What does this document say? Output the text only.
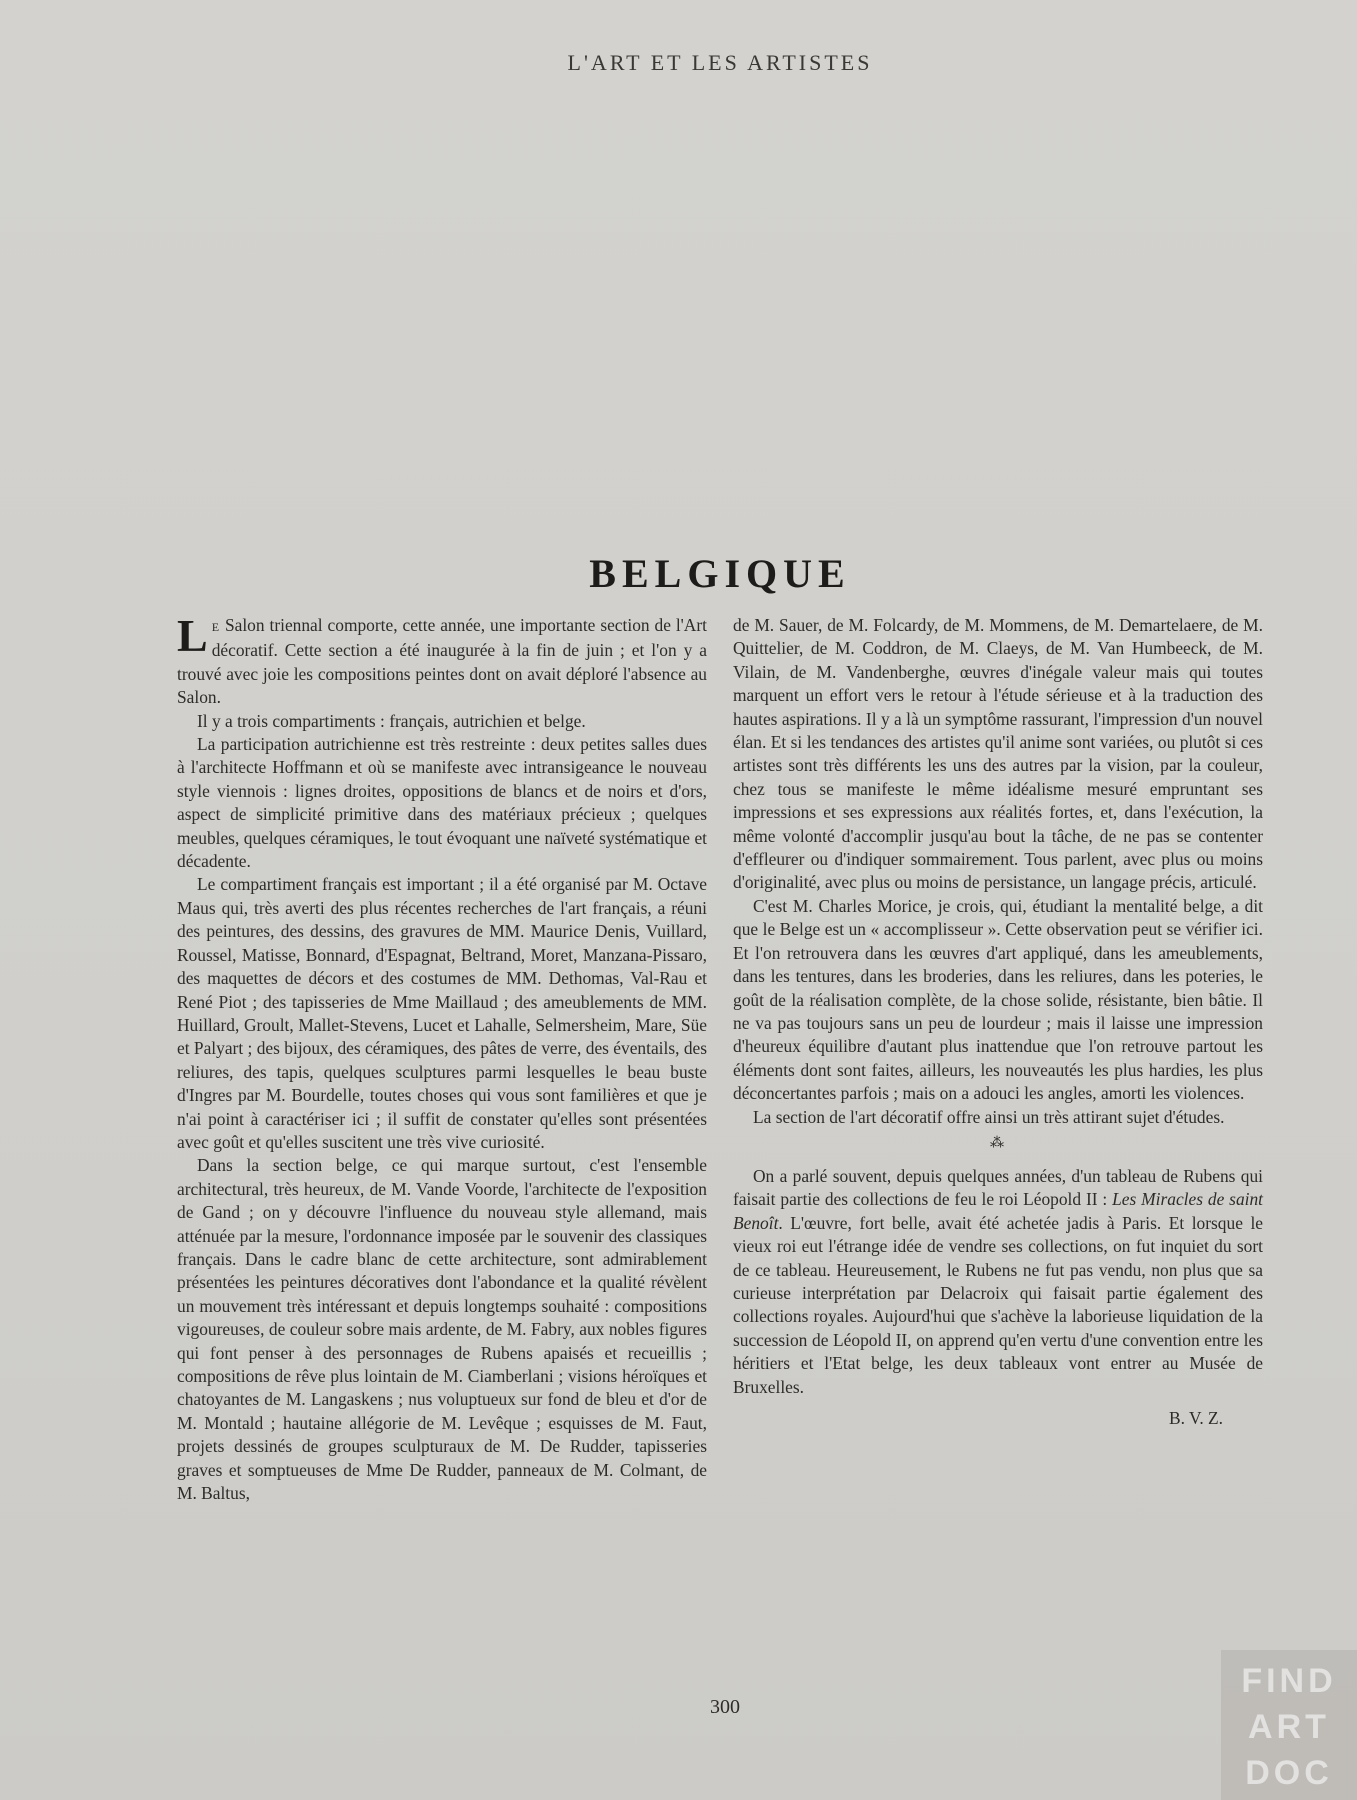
L'ART ET LES ARTISTES
BELGIQUE

L E Salon triennal comporte, cette année, une importante section de l'Art décoratif. Cette section a été inaugurée à la fin de juin ; et l'on y a trouvé avec joie les compositions peintes dont on avait déploré l'absence au Salon.

Il y a trois compartiments : français, autrichien et belge.

La participation autrichienne est très restreinte : deux petites salles dues à l'architecte Hoffmann et où se manifeste avec intransigeance le nouveau style viennois : lignes droites, oppositions de blancs et de noirs et d'ors, aspect de simplicité primitive dans des matériaux précieux ; quelques meubles, quelques céramiques, le tout évoquant une naïveté systématique et décadente.

Le compartiment français est important ; il a été organisé par M. Octave Maus qui, très averti des plus récentes recherches de l'art français, a réuni des peintures, des dessins, des gravures de MM. Maurice Denis, Vuillard, Roussel, Matisse, Bonnard, d'Espagnat, Beltrand, Moret, Manzana-Pissaro, des maquettes de décors et des costumes de MM. Dethomas, Val-Rau et René Piot ; des tapisseries de Mme Maillaud ; des ameublements de MM. Huillard, Groult, Mallet-Stevens, Lucet et Lahalle, Selmersheim, Mare, Süe et Palyart ; des bijoux, des céramiques, des pâtes de verre, des éventails, des reliures, des tapis, quelques sculptures parmi lesquelles le beau buste d'Ingres par M. Bourdelle, toutes choses qui vous sont familières et que je n'ai point à caractériser ici ; il suffit de constater qu'elles sont présentées avec goût et qu'elles suscitent une très vive curiosité.

Dans la section belge, ce qui marque surtout, c'est l'ensemble architectural, très heureux, de M. Vande Voorde, l'architecte de l'exposition de Gand ; on y découvre l'influence du nouveau style allemand, mais atténuée par la mesure, l'ordonnance imposée par le souvenir des classiques français. Dans le cadre blanc de cette architecture, sont admirablement présentées les peintures décoratives dont l'abondance et la qualité révèlent un mouvement très intéressant et depuis longtemps souhaité : compositions vigoureuses, de couleur sobre mais ardente, de M. Fabry, aux nobles figures qui font penser à des personnages de Rubens apaisés et recueillis ; compositions de rêve plus lointain de M. Ciamberlani ; visions héroïques et chatoyantes de M. Langaskens ; nus voluptueux sur fond de bleu et d'or de M. Montald ; hautaine allégorie de M. Levêque ; esquisses de M. Faut, projets dessinés de groupes sculpturaux de M. De Rudder, tapisseries graves et somptueuses de Mme De Rudder, panneaux de M. Colmant, de M. Baltus,

de M. Sauer, de M. Folcardy, de M. Mommens, de M. Demartelaere, de M. Quittelier, de M. Coddron, de M. Claeys, de M. Van Humbeeck, de M. Vilain, de M. Vandenberghe, œuvres d'inégale valeur mais qui toutes marquent un effort vers le retour à l'étude sérieuse et à la traduction des hautes aspirations. Il y a là un symptôme rassurant, l'impression d'un nouvel élan. Et si les tendances des artistes qu'il anime sont variées, ou plutôt si ces artistes sont très différents les uns des autres par la vision, par la couleur, chez tous se manifeste le même idéalisme mesuré empruntant ses impressions et ses expressions aux réalités fortes, et, dans l'exécution, la même volonté d'accomplir jusqu'au bout la tâche, de ne pas se contenter d'effleurer ou d'indiquer sommairement. Tous parlent, avec plus ou moins d'originalité, avec plus ou moins de persistance, un langage précis, articulé.

C'est M. Charles Morice, je crois, qui, étudiant la mentalité belge, a dit que le Belge est un « accomplisseur ». Cette observation peut se vérifier ici. Et l'on retrouvera dans les œuvres d'art appliqué, dans les ameublements, dans les tentures, dans les broderies, dans les reliures, dans les poteries, le goût de la réalisation complète, de la chose solide, résistante, bien bâtie. Il ne va pas toujours sans un peu de lourdeur ; mais il laisse une impression d'heureux équilibre d'autant plus inattendue que l'on retrouve partout les éléments dont sont faites, ailleurs, les nouveautés les plus hardies, les plus déconcertantes parfois ; mais on a adouci les angles, amorti les violences.

La section de l'art décoratif offre ainsi un très attirant sujet d'études.

⁂

On a parlé souvent, depuis quelques années, d'un tableau de Rubens qui faisait partie des collections de feu le roi Léopold II : Les Miracles de saint Benoît. L'œuvre, fort belle, avait été achetée jadis à Paris. Et lorsque le vieux roi eut l'étrange idée de vendre ses collections, on fut inquiet du sort de ce tableau. Heureusement, le Rubens ne fut pas vendu, non plus que sa curieuse interprétation par Delacroix qui faisait partie également des collections royales. Aujourd'hui que s'achève la laborieuse liquidation de la succession de Léopold II, on apprend qu'en vertu d'une convention entre les héritiers et l'Etat belge, les deux tableaux vont entrer au Musée de Bruxelles.

B. V. Z.
300
FIND
ART
DOC
